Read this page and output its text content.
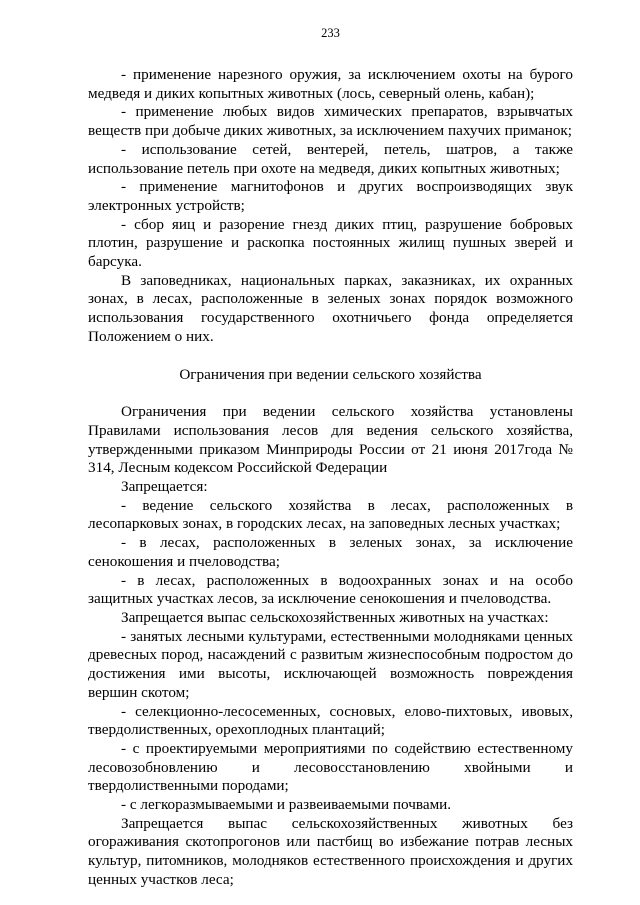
233

- применение нарезного оружия, за исключением охоты на бурого медведя и диких копытных животных (лось, северный олень, кабан);

- применение любых видов химических препаратов, взрывчатых веществ при добыче диких животных, за исключением пахучих приманок;

- использование сетей, вентерей, петель, шатров, а также использование петель при охоте на медведя, диких копытных животных;

- применение магнитофонов и других воспроизводящих звук электронных устройств;

- сбор яиц и разорение гнезд диких птиц, разрушение бобровых плотин, разрушение и раскопка постоянных жилищ пушных зверей и барсука.

В заповедниках, национальных парках, заказниках, их охранных зонах, в лесах, расположенные в зеленых зонах порядок возможного использования государственного охотничьего фонда определяется Положением о них.

Ограничения при ведении сельского хозяйства

Ограничения при ведении сельского хозяйства установлены Правилами использования лесов для ведения сельского хозяйства, утвержденными приказом Минприроды России от 21 июня 2017года № 314, Лесным кодексом Российской Федерации

Запрещается:

- ведение сельского хозяйства в лесах, расположенных в лесопарковых зонах, в городских лесах, на заповедных лесных участках;

- в лесах, расположенных в зеленых зонах, за исключение сенокошения и пчеловодства;

- в лесах, расположенных в водоохранных зонах и на особо защитных участках лесов, за исключение сенокошения и пчеловодства.

Запрещается выпас сельскохозяйственных животных на участках:

- занятых лесными культурами, естественными молодняками ценных древесных пород, насаждений с развитым жизнеспособным подростом до достижения ими высоты, исключающей возможность повреждения вершин скотом;

- селекционно-лесосеменных, сосновых, елово-пихтовых, ивовых, твердолиственных, орехоплодных плантаций;

- с проектируемыми мероприятиями по содействию естественному лесовозобновлению и лесовосстановлению хвойными и твердолиственными породами;

- с легкоразмываемыми и развеиваемыми почвами.

Запрещается выпас сельскохозяйственных животных без огораживания скотопрогонов или пастбищ во избежание потрав лесных культур, питомников, молодняков естественного происхождения и других ценных участков леса;
